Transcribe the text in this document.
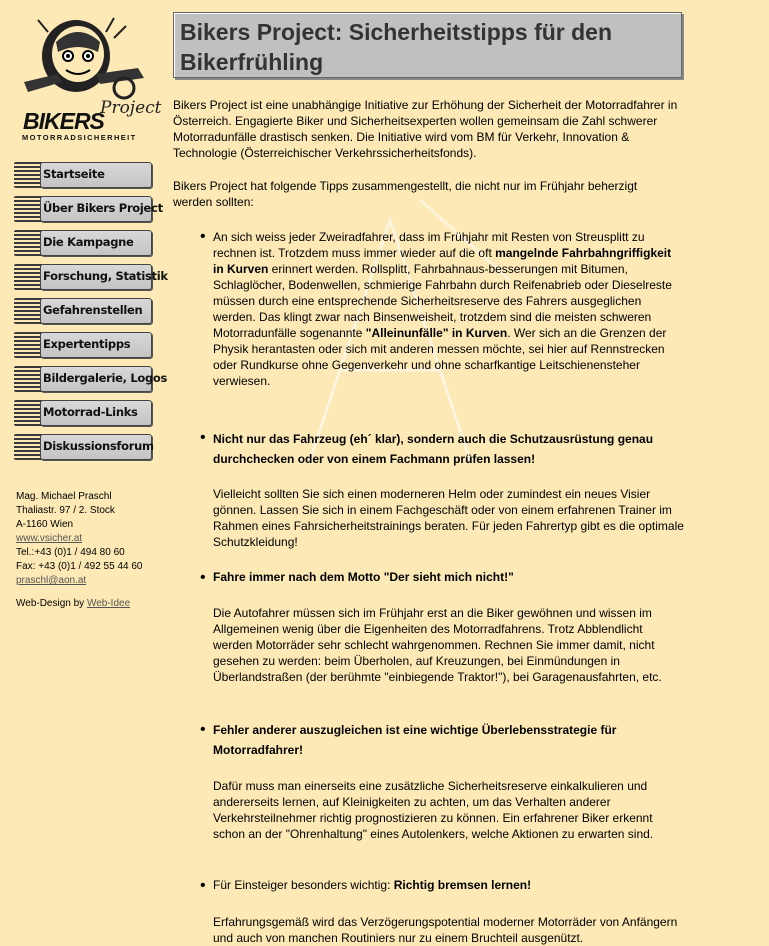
BIKERS
Project
MOTORRADSICHERHEIT
Startseite
Über Bikers Project
Die Kampagne
Forschung, Statistik
Gefahrenstellen
Expertentipps
Bildergalerie, Logos
Motorrad-Links
Diskussionsforum
Mag. Michael Praschl
Thaliastr. 97 / 2. Stock
A-1160 Wien
www.vsicher.at
Tel.:+43 (0)1 / 494 80 60
Fax: +43 (0)1 / 492 55 44 60
praschl@aon.at
Web-Design by Web-Idee
Bikers Project: Sicherheitstipps für den Bikerfrühling

Bikers Project ist eine unabhängige Initiative zur Erhöhung der Sicherheit der Motorradfahrer in Österreich. Engagierte Biker und Sicherheitsexperten wollen gemeinsam die Zahl schwerer Motorradunfälle drastisch senken. Die Initiative wird vom BM für Verkehr, Innovation & Technologie (Österreichischer Verkehrssicherheitsfonds).

Bikers Project hat folgende Tipps zusammengestellt, die nicht nur im Frühjahr beherzigt werden sollten:

• An sich weiss jeder Zweiradfahrer, dass im Frühjahr mit Resten von Streusplitt zu rechnen ist. Trotzdem muss immer wieder auf die oft mangelnde Fahrbahngriffigkeit in Kurven erinnert werden. Rollsplitt, Fahrbahnaus-besserungen mit Bitumen, Schlaglöcher, Bodenwellen, schmierige Fahrbahn durch Reifenabrieb oder Dieselreste müssen durch eine entsprechende Sicherheitsreserve des Fahrers ausgeglichen werden. Das klingt zwar nach Binsenweisheit, trotzdem sind die meisten schweren Motorradunfälle sogenannte "Alleinunfälle" in Kurven. Wer sich an die Grenzen der Physik herantasten oder sich mit anderen messen möchte, sei hier auf Rennstrecken oder Rundkurse ohne Gegenverkehr und ohne scharfkantige Leitschienensteher verwiesen.
• Nicht nur das Fahrzeug (eh´ klar), sondern auch die Schutzausrüstung genau durchchecken oder von einem Fachmann prüfen lassen!
Vielleicht sollten Sie sich einen moderneren Helm oder zumindest ein neues Visier gönnen. Lassen Sie sich in einem Fachgeschäft oder von einem erfahrenen Trainer im Rahmen eines Fahrsicherheitstrainings beraten. Für jeden Fahrertyp gibt es die optimale Schutzkleidung!
• Fahre immer nach dem Motto "Der sieht mich nicht!"
Die Autofahrer müssen sich im Frühjahr erst an die Biker gewöhnen und wissen im Allgemeinen wenig über die Eigenheiten des Motorradfahrens. Trotz Abblendlicht werden Motorräder sehr schlecht wahrgenommen. Rechnen Sie immer damit, nicht gesehen zu werden: beim Überholen, auf Kreuzungen, bei Einmündungen in Überlandstraßen (der berühmte "einbiegende Traktor!"), bei Garagenausfahrten, etc.
• Fehler anderer auszugleichen ist eine wichtige Überlebensstrategie für Motorradfahrer!
Dafür muss man einerseits eine zusätzliche Sicherheitsreserve einkalkulieren und andererseits lernen, auf Kleinigkeiten zu achten, um das Verhalten anderer Verkehrsteilnehmer richtig prognostizieren zu können. Ein erfahrener Biker erkennt schon an der "Ohrenhaltung" eines Autolenkers, welche Aktionen zu erwarten sind.
• Für Einsteiger besonders wichtig: Richtig bremsen lernen!
Erfahrungsgemäß wird das Verzögerungspotential moderner Motorräder von Anfängern und auch von manchen Routiniers nur zu einem Bruchteil ausgenützt.
